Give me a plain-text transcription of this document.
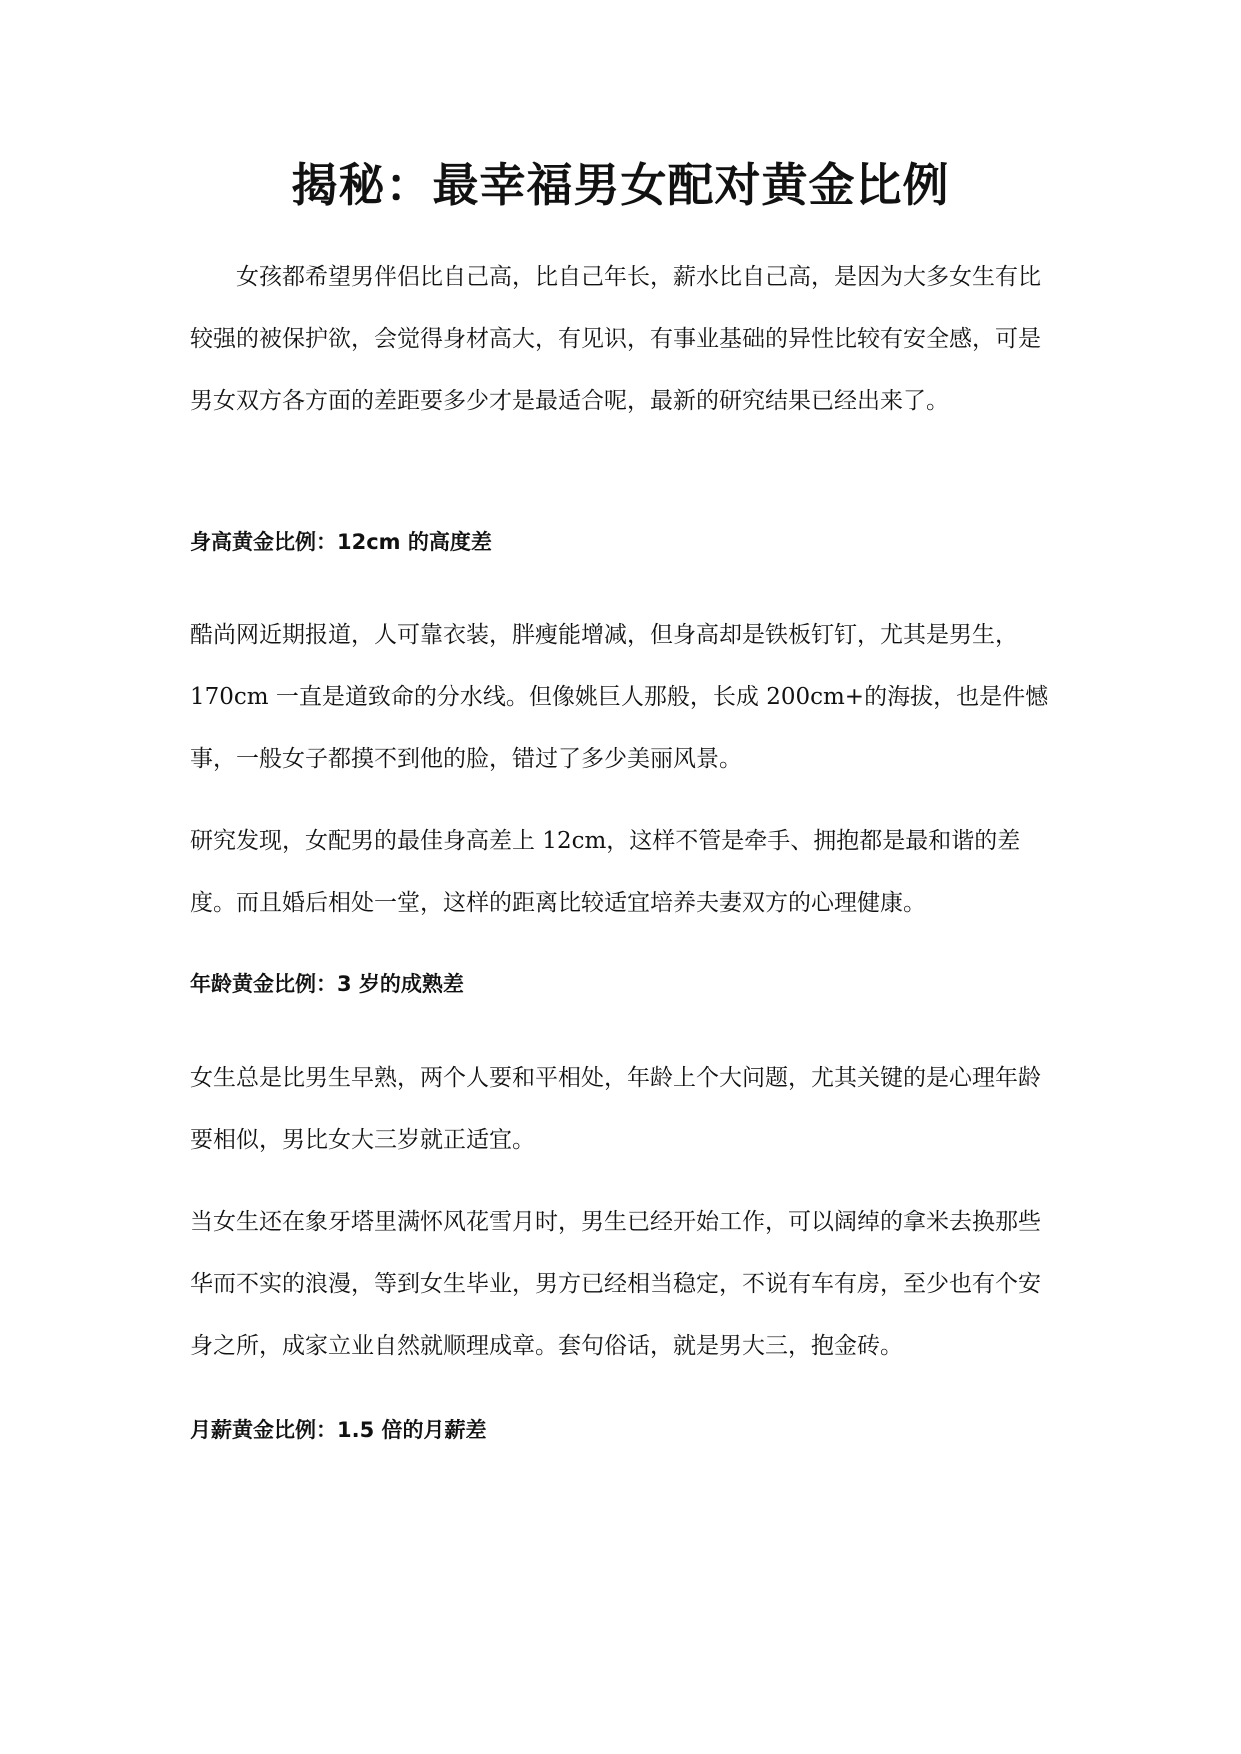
揭秘：最幸福男女配对黄金比例

女孩都希望男伴侣比自己高，比自己年长，薪水比自己高，是因为大多女生有比较强的被保护欲，会觉得身材高大，有见识，有事业基础的异性比较有安全感，可是男女双方各方面的差距要多少才是最适合呢，最新的研究结果已经出来了。

身高黄金比例：12cm 的高度差

酷尚网近期报道，人可靠衣装，胖瘦能增减，但身高却是铁板钉钉，尤其是男生，170cm 一直是道致命的分水线。但像姚巨人那般，长成 200cm+的海拔，也是件憾事，一般女子都摸不到他的脸，错过了多少美丽风景。

研究发现，女配男的最佳身高差上 12cm，这样不管是牵手、拥抱都是最和谐的差度。而且婚后相处一堂，这样的距离比较适宜培养夫妻双方的心理健康。

年龄黄金比例：3 岁的成熟差

女生总是比男生早熟，两个人要和平相处，年龄上个大问题，尤其关键的是心理年龄要相似，男比女大三岁就正适宜。

当女生还在象牙塔里满怀风花雪月时，男生已经开始工作，可以阔绰的拿米去换那些华而不实的浪漫，等到女生毕业，男方已经相当稳定，不说有车有房，至少也有个安身之所，成家立业自然就顺理成章。套句俗话，就是男大三，抱金砖。

月薪黄金比例：1.5 倍的月薪差
